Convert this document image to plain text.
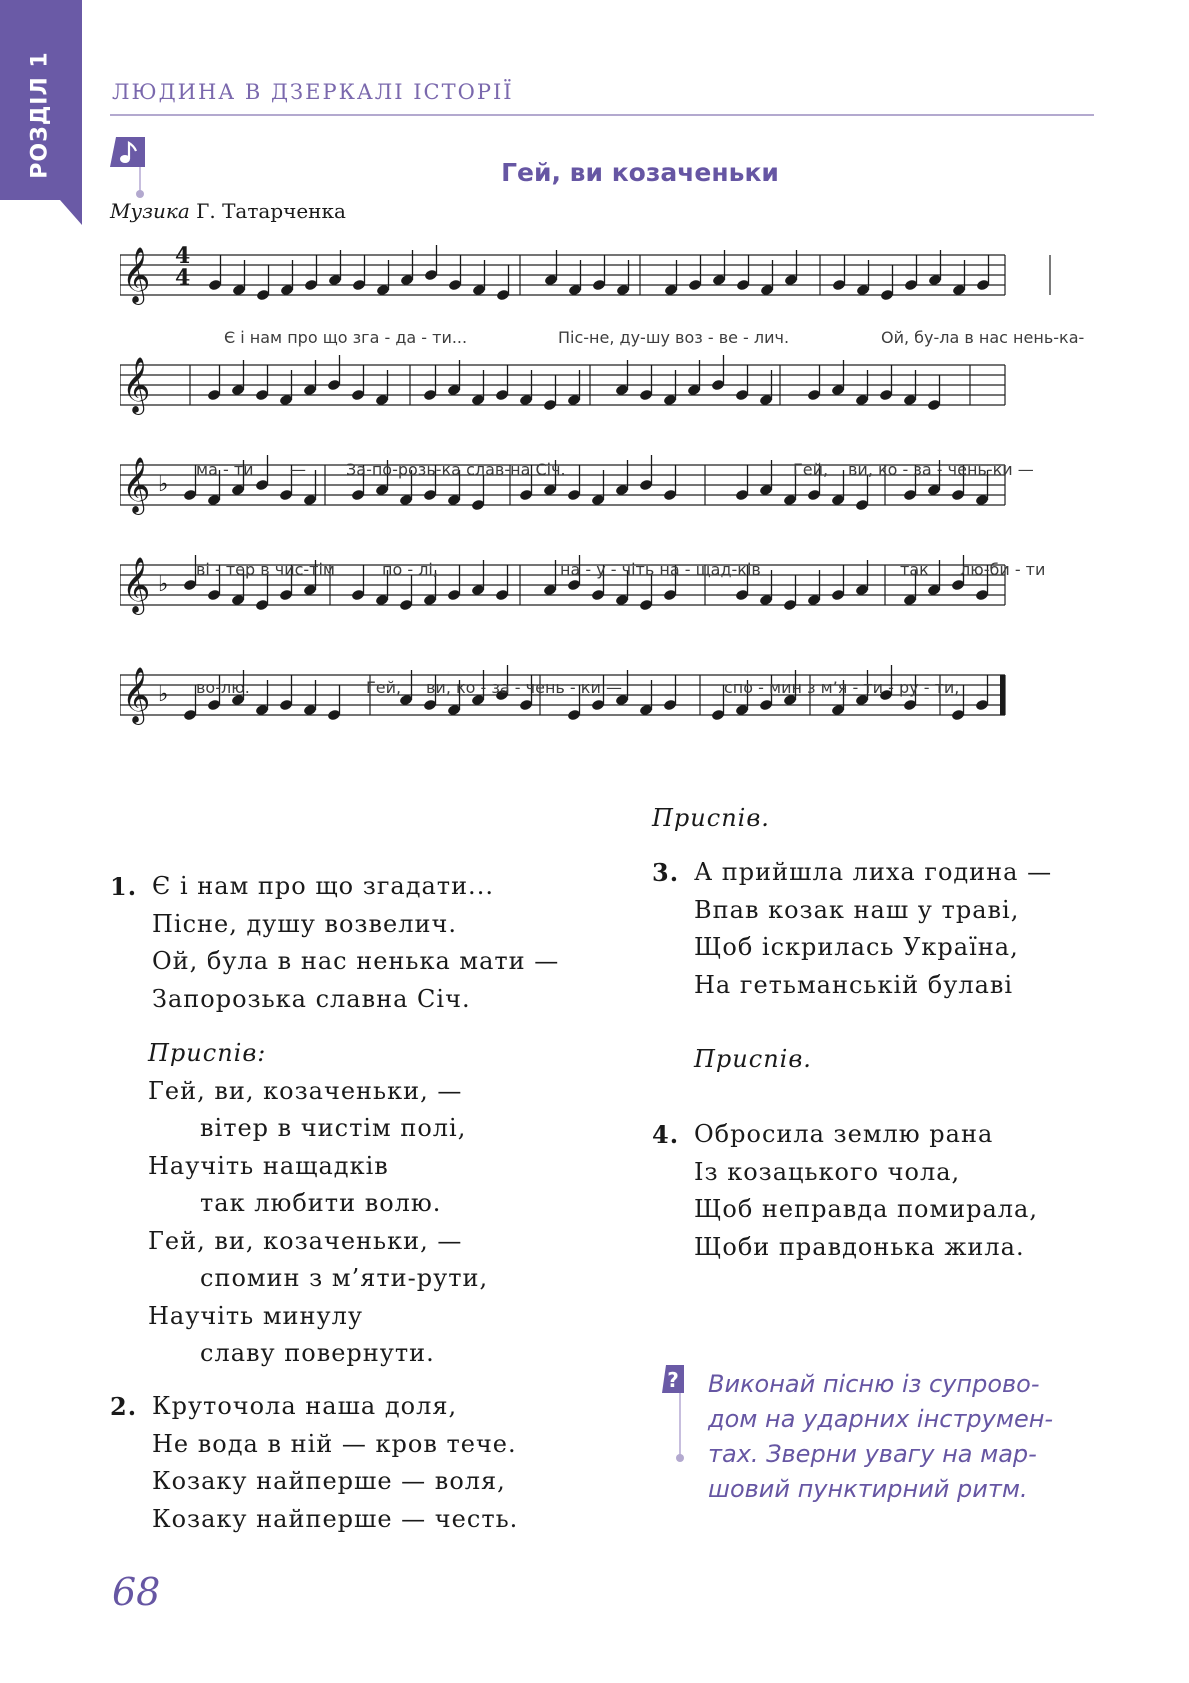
РОЗДІЛ 1	ЛЮДИНА В ДЗЕРКАЛІ ІСТОРІЇ
Гей, ви козаченьки
Музика Г. Татарченка
𝄞
𝄞
𝄞 ♭
𝄞 ♭
𝄞 ♭
4
4
Є і нам про що зга - да - ти...	Піс-не, ду-шу воз - ве - лич.	Ой, бу-ла в нас нень-ка-
ма - ти —	За-по-розь-ка слав-на Січ.	Гей, ви, ко - за - чень-ки —
ві - тер в чис-тім	по - лі,	на - у - чіть на - щад-ків	так лю-би - ти
во-лю.	Гей, ви, ко - за - чень - ки —	спо - мин з м’я - ти - ру - ти,
1. Є і нам про що згадати...
Пісне, душу возвелич.
Ой, була в нас ненька мати —
Запорозька славна Січ.
Приспів:
Гей, ви, козаченьки, —
вітер в чистім полі,
Научіть нащадків
так любити волю.
Гей, ви, козаченьки, —
спомин з м’яти-рути,
Научіть минулу
славу повернути.
2. Круточола наша доля,
Не вода в ній — кров тече.
Козаку найперше — воля,
Козаку найперше — честь.
Приспів.
3. А прийшла лиха година —
Впав козак наш у траві,
Щоб іскрилась Україна,
На гетьманській булаві
Приспів.
4. Обросила землю рана
Із козацького чола,
Щоб неправда помирала,
Щоби правдонька жила.
? Виконай пісню із супрово-
дом на ударних інструмен-
тах. Зверни увагу на мар-
шовий пунктирний ритм.
68
